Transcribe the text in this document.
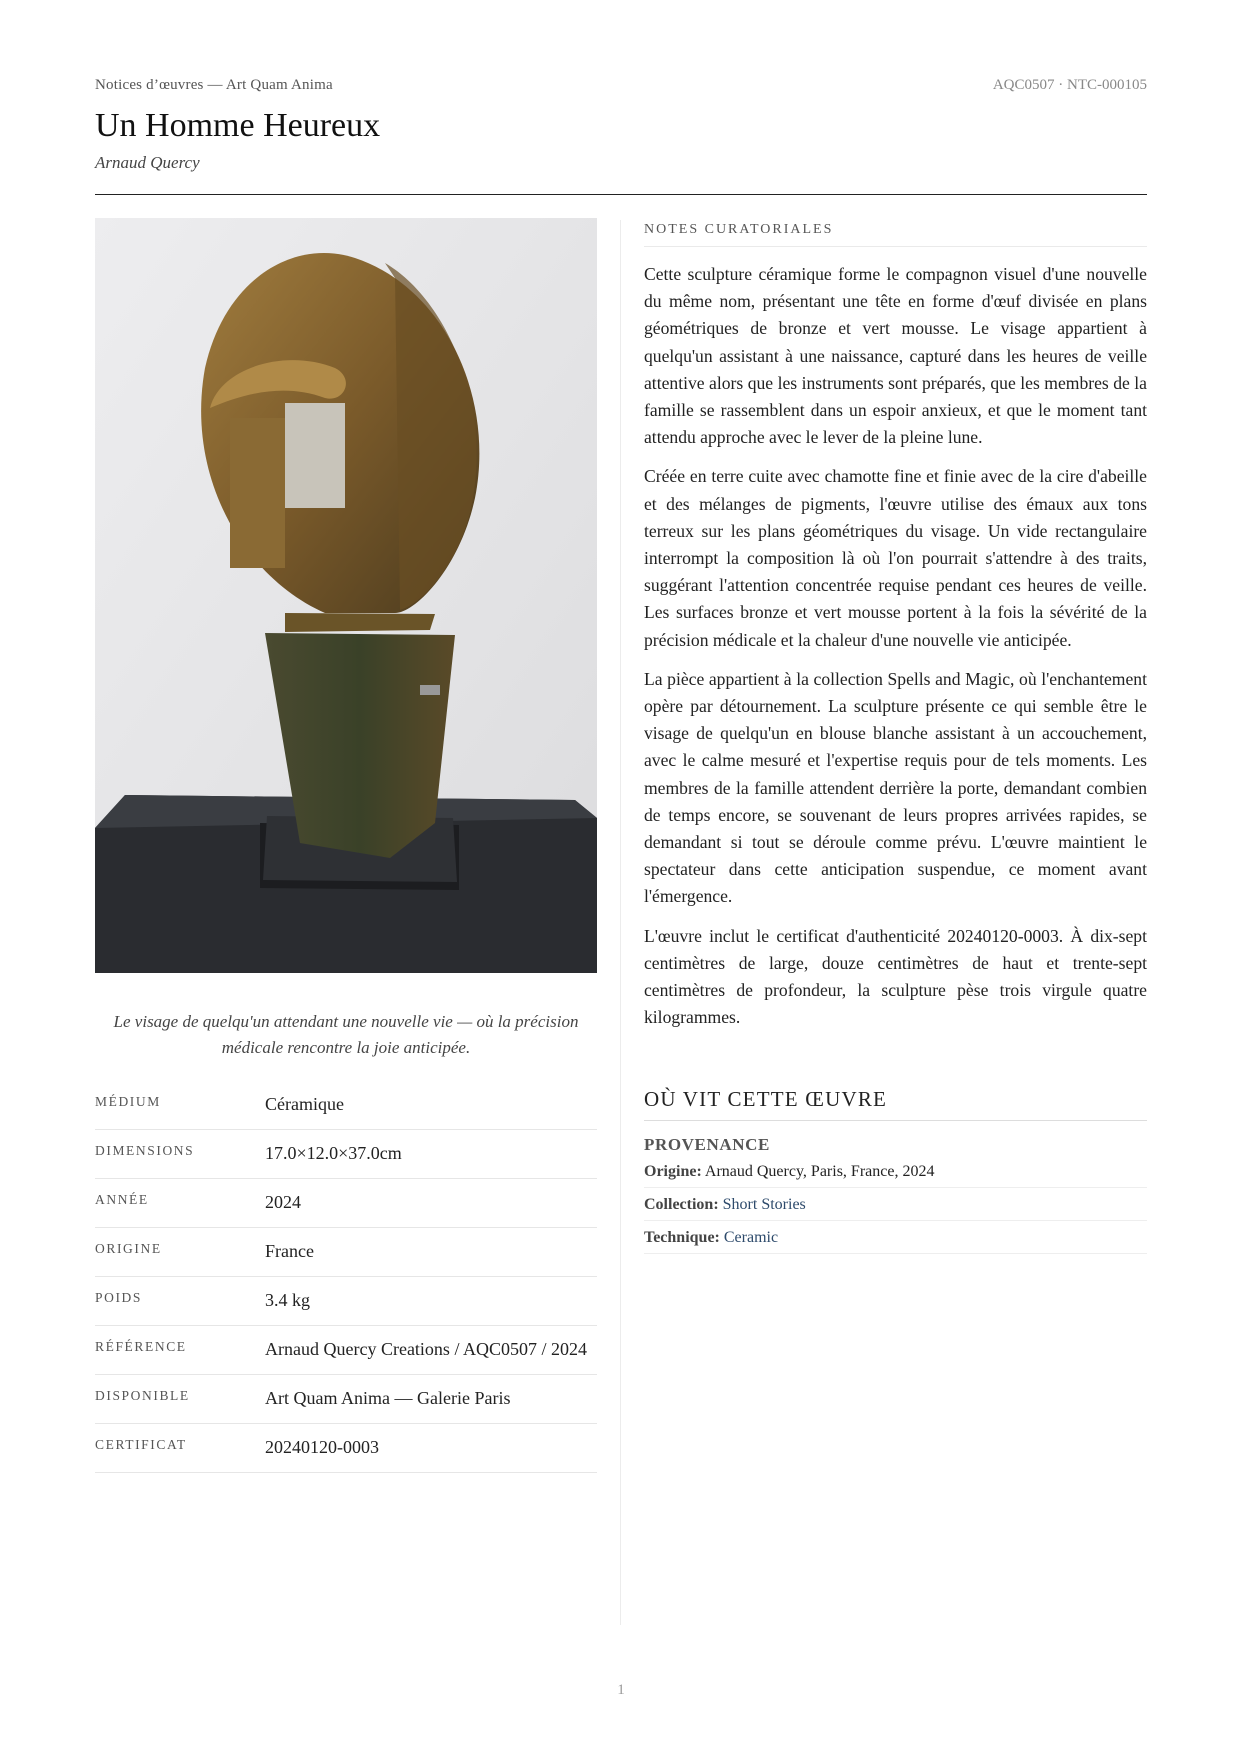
Notices d’œuvres — Art Quam Anima	AQC0507 · NTC-000105
Un Homme Heureux
Arnaud Quercy
Le visage de quelqu'un attendant une nouvelle vie — où la précision médicale rencontre la joie anticipée.
MÉDIUM	Céramique
DIMENSIONS	17.0×12.0×37.0cm
ANNÉE	2024
ORIGINE	France
POIDS	3.4 kg
RÉFÉRENCE	Arnaud Quercy Creations / AQC0507 / 2024
DISPONIBLE	Art Quam Anima — Galerie Paris
CERTIFICAT	20240120-0003
NOTES CURATORIALES

Cette sculpture céramique forme le compagnon visuel d'une nouvelle du même nom, présentant une tête en forme d'œuf divisée en plans géométriques de bronze et vert mousse. Le visage appartient à quelqu'un assistant à une naissance, capturé dans les heures de veille attentive alors que les instruments sont préparés, que les membres de la famille se rassemblent dans un espoir anxieux, et que le moment tant attendu approche avec le lever de la pleine lune.

Créée en terre cuite avec chamotte fine et finie avec de la cire d'abeille et des mélanges de pigments, l'œuvre utilise des émaux aux tons terreux sur les plans géométriques du visage. Un vide rectangulaire interrompt la composition là où l'on pourrait s'attendre à des traits, suggérant l'attention concentrée requise pendant ces heures de veille. Les surfaces bronze et vert mousse portent à la fois la sévérité de la précision médicale et la chaleur d'une nouvelle vie anticipée.

La pièce appartient à la collection Spells and Magic, où l'enchantement opère par détournement. La sculpture présente ce qui semble être le visage de quelqu'un en blouse blanche assistant à un accouchement, avec le calme mesuré et l'expertise requis pour de tels moments. Les membres de la famille attendent derrière la porte, demandant combien de temps encore, se souvenant de leurs propres arrivées rapides, se demandant si tout se déroule comme prévu. L'œuvre maintient le spectateur dans cette anticipation suspendue, ce moment avant l'émergence.

L'œuvre inclut le certificat d'authenticité 20240120-0003. À dix-sept centimètres de large, douze centimètres de haut et trente-sept centimètres de profondeur, la sculpture pèse trois virgule quatre kilogrammes.

OÙ VIT CETTE ŒUVRE
PROVENANCE
Origine: Arnaud Quercy, Paris, France, 2024
Collection: Short Stories
Technique: Ceramic
1
